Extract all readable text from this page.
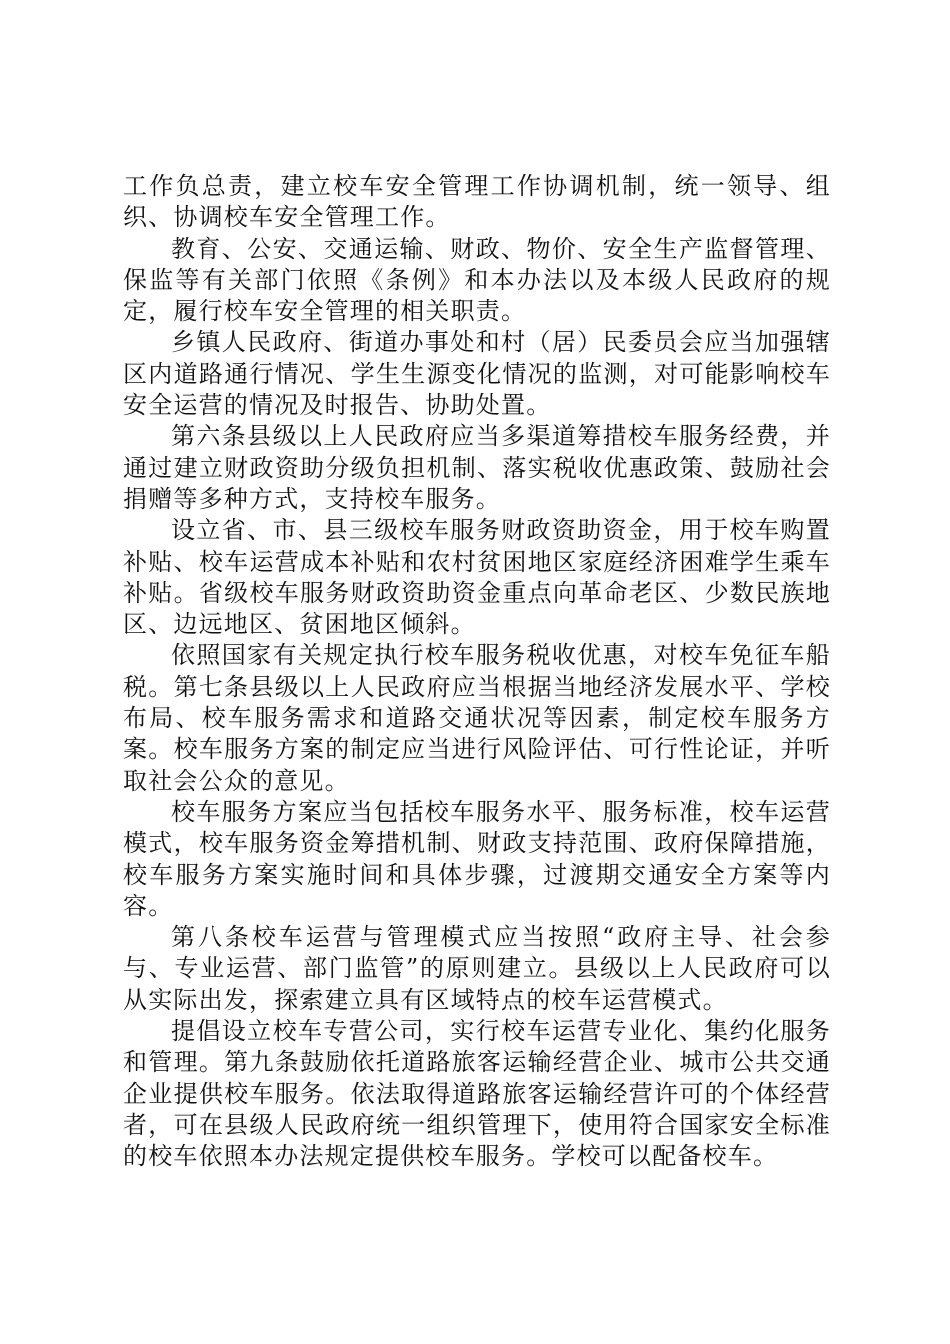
工作负总责，建立校车安全管理工作协调机制，统一领导、组织、协调校车安全管理工作。

教育、公安、交通运输、财政、物价、安全生产监督管理、保监等有关部门依照《条例》和本办法以及本级人民政府的规定，履行校车安全管理的相关职责。

乡镇人民政府、街道办事处和村（居）民委员会应当加强辖区内道路通行情况、学生生源变化情况的监测，对可能影响校车安全运营的情况及时报告、协助处置。

第六条县级以上人民政府应当多渠道筹措校车服务经费，并通过建立财政资助分级负担机制、落实税收优惠政策、鼓励社会捐赠等多种方式，支持校车服务。

设立省、市、县三级校车服务财政资助资金，用于校车购置补贴、校车运营成本补贴和农村贫困地区家庭经济困难学生乘车补贴。省级校车服务财政资助资金重点向革命老区、少数民族地区、边远地区、贫困地区倾斜。

依照国家有关规定执行校车服务税收优惠，对校车免征车船税。第七条县级以上人民政府应当根据当地经济发展水平、学校布局、校车服务需求和道路交通状况等因素，制定校车服务方案。校车服务方案的制定应当进行风险评估、可行性论证，并听取社会公众的意见。

校车服务方案应当包括校车服务水平、服务标准，校车运营模式，校车服务资金筹措机制、财政支持范围、政府保障措施，校车服务方案实施时间和具体步骤，过渡期交通安全方案等内容。

第八条校车运营与管理模式应当按照“政府主导、社会参与、专业运营、部门监管”的原则建立。县级以上人民政府可以从实际出发，探索建立具有区域特点的校车运营模式。

提倡设立校车专营公司，实行校车运营专业化、集约化服务和管理。第九条鼓励依托道路旅客运输经营企业、城市公共交通企业提供校车服务。依法取得道路旅客运输经营许可的个体经营者，可在县级人民政府统一组织管理下，使用符合国家安全标准的校车依照本办法规定提供校车服务。学校可以配备校车。
